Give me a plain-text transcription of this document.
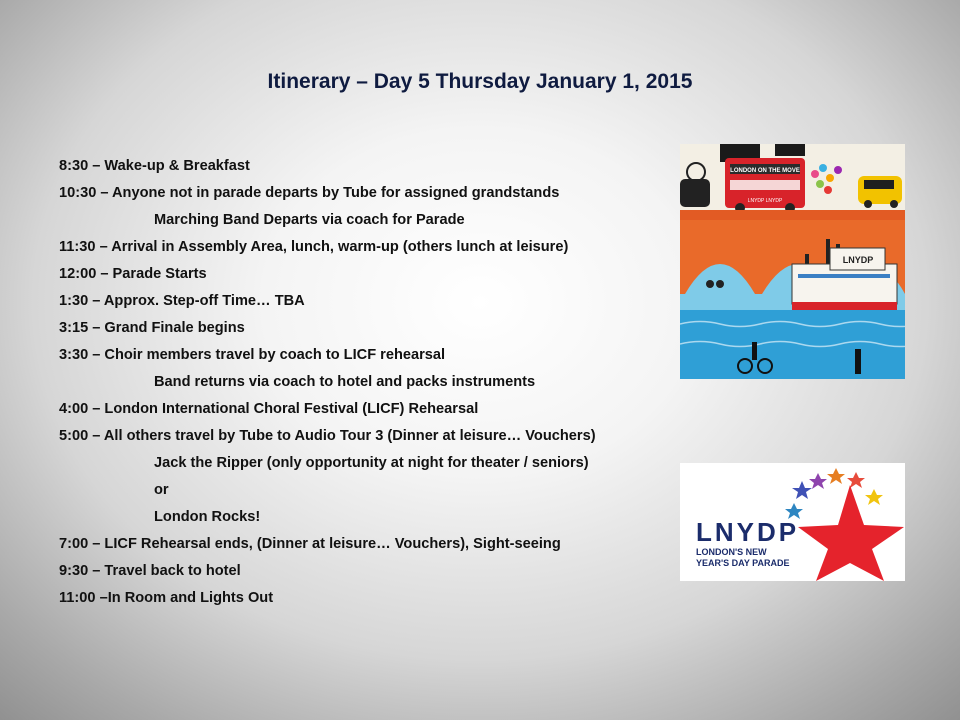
Itinerary – Day 5 Thursday January 1, 2015
8:30 – Wake-up & Breakfast
10:30 – Anyone not in parade departs by Tube for assigned grandstands
Marching Band Departs via coach for Parade
11:30 – Arrival in Assembly Area, lunch, warm-up (others lunch at leisure)
12:00 – Parade Starts
1:30 – Approx. Step-off Time… TBA
3:15 – Grand Finale begins
3:30 – Choir members travel by coach to LICF rehearsal
Band returns via coach to hotel and packs instruments
4:00 – London International Choral Festival (LICF) Rehearsal
5:00 – All others travel by Tube to Audio Tour 3 (Dinner at leisure… Vouchers)
Jack the Ripper (only opportunity at night for theater / seniors)
or
London Rocks!
7:00 – LICF Rehearsal ends, (Dinner at leisure… Vouchers), Sight-seeing
9:30 – Travel back to hotel
11:00 –In Room and Lights Out
LONDON ON THE MOVE
LNYDP LNYDP
LNYDP
LNYDP
LONDON'S NEW
YEAR'S DAY PARADE
